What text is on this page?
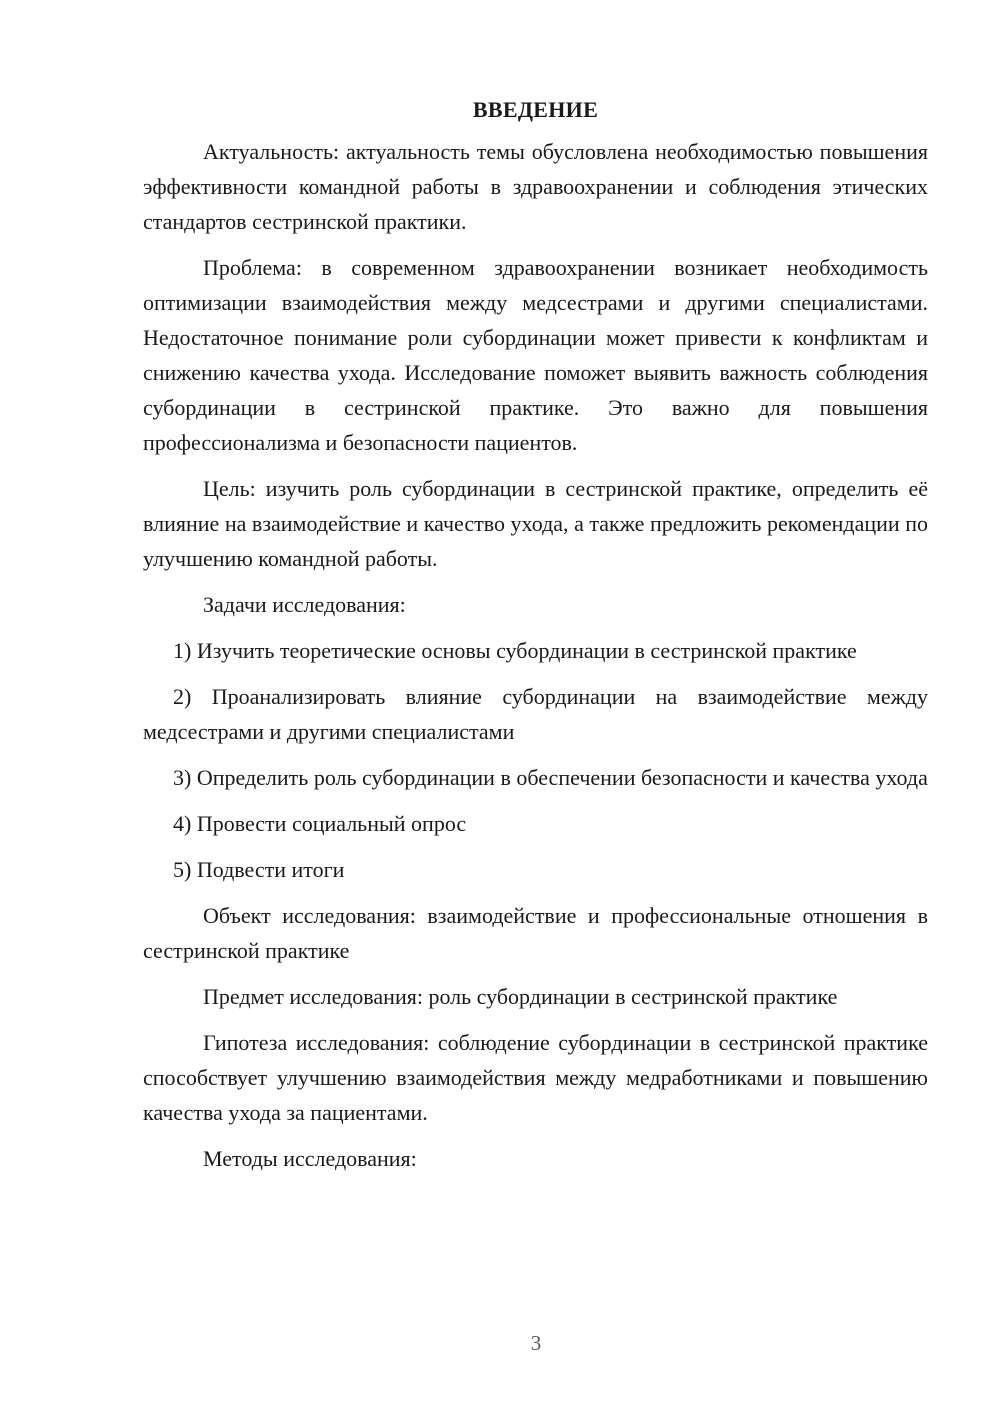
ВВЕДЕНИЕ

Актуальность: актуальность темы обусловлена необходимостью повышения эффективности командной работы в здравоохранении и соблюдения этических стандартов сестринской практики.

Проблема: в современном здравоохранении возникает необходимость оптимизации взаимодействия между медсестрами и другими специалистами. Недостаточное понимание роли субординации может привести к конфликтам и снижению качества ухода. Исследование поможет выявить важность соблюдения субординации в сестринской практике. Это важно для повышения профессионализма и безопасности пациентов.

Цель: изучить роль субординации в сестринской практике, определить её влияние на взаимодействие и качество ухода, а также предложить рекомендации по улучшению командной работы.

Задачи исследования:

1) Изучить теоретические основы субординации в сестринской практике

2) Проанализировать влияние субординации на взаимодействие между медсестрами и другими специалистами

3) Определить роль субординации в обеспечении безопасности и качества ухода

4) Провести социальный опрос

5) Подвести итоги

Объект исследования: взаимодействие и профессиональные отношения в сестринской практике

Предмет исследования: роль субординации в сестринской практике

Гипотеза исследования: соблюдение субординации в сестринской практике способствует улучшению взаимодействия между медработниками и повышению качества ухода за пациентами.

Методы исследования:

3
